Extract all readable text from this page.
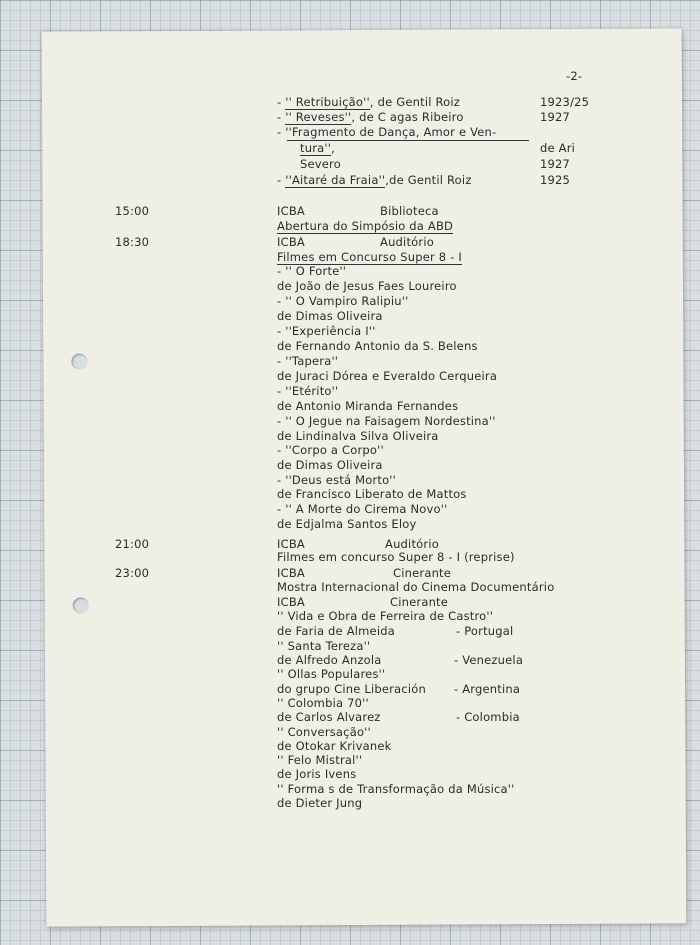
-2-
- '' Retribuição'', de Gentil Roiz	1923/25
- '' Reveses'', de C agas Ribeiro	1927
- ''Fragmento de Dança, Amor e Ven-
tura'',	de Ari
Severo	1927
- ''Aitaré da Fraia'',de Gentil Roiz	1925
15:00	ICBA	Biblioteca
Abertura do Simpósio da ABD
18:30	ICBA	Auditório
Filmes em Concurso Super 8 - I
- '' O Forte''
de João de Jesus Faes Loureiro
- '' O Vampiro Ralipiu''
de Dimas Oliveira
- ''Experiência I''
de Fernando Antonio da S. Belens
- ''Tapera''
de Juraci Dórea e Everaldo Cerqueira
- ''Etérito''
de Antonio Miranda Fernandes
- '' O Jegue na Faisagem Nordestina''
de Lindinalva Silva Oliveira
- ''Corpo a Corpo''
de Dimas Oliveira
- ''Deus está Morto''
de Francisco Liberato de Mattos
- '' A Morte do Cirema Novo''
de Edjalma Santos Eloy
21:00	ICBA	Auditório
Filmes em concurso Super 8 - I (reprise)
23:00	ICBA	Cinerante
Mostra Internacional do Cinema Documentário
ICBA	Cinerante
'' Vida e Obra de Ferreira de Castro''
de Faria de Almeida	- Portugal
'' Santa Tereza''
de Alfredo Anzola	- Venezuela
'' Ollas Populares''
do grupo Cine Liberación - Argentina
'' Colombia 70''
de Carlos Alvarez	- Colombia
'' Conversação''
de Otokar Krivanek
'' Felo Mistral''
de Joris Ivens
'' Forma s de Transformação da Música''
de Dieter Jung
